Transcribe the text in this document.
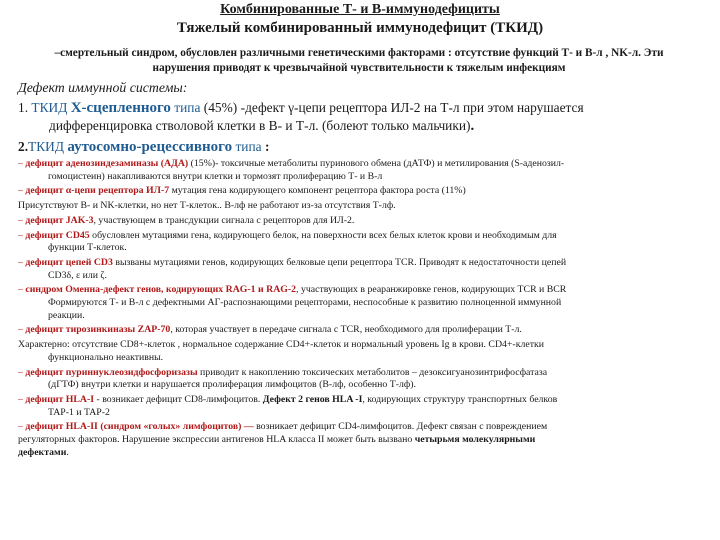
Комбинированные Т- и В-иммунодефициты
Тяжелый комбинированный иммунодефицит (ТКИД)
–смертельный синдром, обусловлен различными генетическими факторами : отсутствие функций Т- и В-л , NK-л. Эти нарушения приводят к чрезвычайной чувствительности к тяжелым инфекциям
Дефект иммунной системы:
1. ТКИД Х-сцепленного типа (45%) -дефект γ-цепи рецептора ИЛ-2 на Т-л при этом нарушается
дифференцировка стволовой клетки в В- и Т-л. (болеют только мальчики).
2.ТКИД аутосомно-рецессивного типа :

– дефицит аденозиндезаминазы (АДА) (15%)- токсичные метаболиты пуринового обмена (дАТФ) и метилирования (S-аденозил-
гомоцистеин) накапливаются внутри клетки и тормозят пролиферацию Т- и В-л

– дефицит α-цепи рецептора ИЛ-7 мутация гена кодирующего компонент рецептора фактора роста (11%)

Присутствуют В- и NK-клетки, но нет Т-клеток.. В-лф не работают из-за отсутствия Т-лф.

– дефицит JAK-3, участвующем в трансдукции сигнала с рецепторов для ИЛ-2.

– дефицит CD45 обусловлен мутациями гена, кодирующего белок, на поверхности всех белых клеток крови и необходимым для
функции Т-клеток.

– дефицит цепей CD3 вызваны мутациями генов, кодирующих белковые цепи рецептора TCR. Приводят к недостаточности цепей
CD3δ, ε или ζ.

– синдром Оменна-дефект генов, кодирующих RAG-1 и RAG-2, участвующих в реаранжировке генов, кодирующих TCR и BCR
Формируются Т- и В-л с дефектными АГ-распознающими рецепторами, неспособные к развитию полноценной иммунной
реакции.

– дефицит тирозинкиназы ZAP-70, которая участвует в передаче сигнала с TCR, необходимого для пролиферации Т-л.

Характерно: отсутствие CD8+-клеток , нормальное содержание CD4+-клеток и нормальный уровень Ig в крови. CD4+-клетки
функционально неактивны.

– дефицит пуриннуклеозидфосфоризазы приводит к накоплению токсических метаболитов – дезоксигуанозинтрифосфатаза
(дГТФ) внутри клетки и нарушается пролиферация лимфоцитов (В-лф, особенно Т-лф).

– дефицит HLA-I - возникает дефицит CD8-лимфоцитов. Дефект 2 генов HLA -I, кодирующих структуру транспортных белков
TAP-1 и TAP-2

– дефицит HLA-II (синдром «голых» лимфоцитов) — возникает дефицит CD4-лимфоцитов. Дефект связан с повреждением
регуляторных факторов. Нарушение экспрессии антигенов HLA класса II может быть вызвано четырьмя молекулярными
дефектами.
